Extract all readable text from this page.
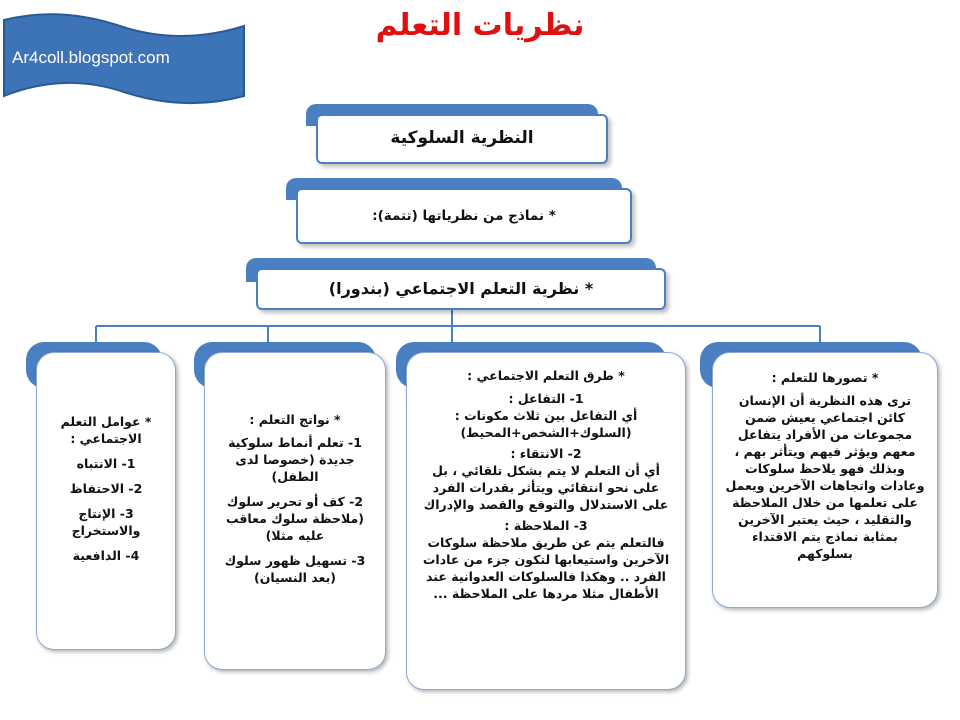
Ar4coll.blogspot.com
نظريات التعلم
النظرية السلوكية
* نماذج من نظرياتها (تتمة):
* نظرية التعلم الاجتماعي (بندورا)

* تصورها للتعلم :

ترى هذه النظرية أن الإنسان كائن اجتماعي يعيش ضمن مجموعات من الأفراد يتفاعل معهم ويؤثر فيهم ويتأثر بهم ، وبذلك فهو يلاحظ سلوكات وعادات واتجاهات الآخرين ويعمل على تعلمها من خلال الملاحظة والتقليد ، حيث يعتبر الآخرين بمثابة نماذج يتم الاقتداء بسلوكهم

* طرق التعلم الاجتماعي :

1- التفاعل :

أي التفاعل بين ثلاث مكونات : (السلوك+الشخص+المحيط)

2- الانتقاء :

أي أن التعلم لا يتم بشكل تلقائي ، بل على نحو انتقائي ويتأثر بقدرات الفرد على الاستدلال والتوقع والقصد والإدراك

3- الملاحظة :

فالتعلم يتم عن طريق ملاحظة سلوكات الآخرين واستيعابها لتكون جزء من عادات الفرد .. وهكذا فالسلوكات العدوانية عند الأطفال مثلا مردها على الملاحظة ...

* نواتج التعلم :

1- تعلم أنماط سلوكية جديدة (خصوصا لدى الطفل)

2- كف أو تحرير سلوك (ملاحظة سلوك معاقب عليه مثلا)

3- تسهيل ظهور سلوك (بعد النسيان)

* عوامل التعلم الاجتماعي :

1- الانتباه

2- الاحتفاظ

3- الإنتاج والاستخراج

4- الدافعية
